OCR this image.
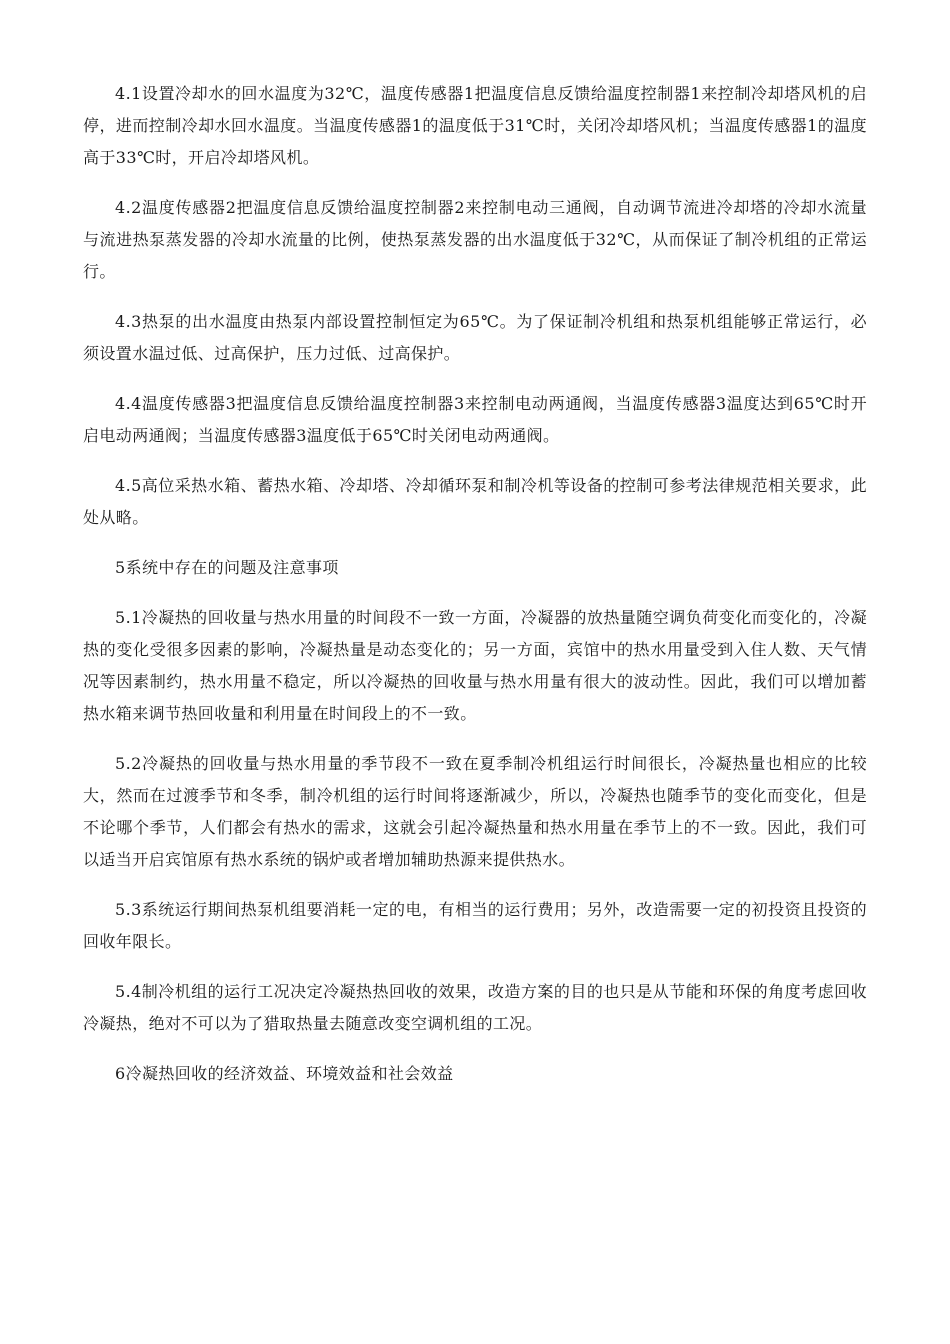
4.1设置冷却水的回水温度为32℃，温度传感器1把温度信息反馈给温度控制器1来控制冷却塔风机的启停，进而控制冷却水回水温度。当温度传感器1的温度低于31℃时，关闭冷却塔风机；当温度传感器1的温度高于33℃时，开启冷却塔风机。

4.2温度传感器2把温度信息反馈给温度控制器2来控制电动三通阀，自动调节流进冷却塔的冷却水流量与流进热泵蒸发器的冷却水流量的比例，使热泵蒸发器的出水温度低于32℃，从而保证了制冷机组的正常运行。

4.3热泵的出水温度由热泵内部设置控制恒定为65℃。为了保证制冷机组和热泵机组能够正常运行，必须设置水温过低、过高保护，压力过低、过高保护。

4.4温度传感器3把温度信息反馈给温度控制器3来控制电动两通阀，当温度传感器3温度达到65℃时开启电动两通阀；当温度传感器3温度低于65℃时关闭电动两通阀。

4.5高位采热水箱、蓄热水箱、冷却塔、冷却循环泵和制冷机等设备的控制可参考法律规范相关要求，此处从略。

5系统中存在的问题及注意事项

5.1冷凝热的回收量与热水用量的时间段不一致一方面，冷凝器的放热量随空调负荷变化而变化的，冷凝热的变化受很多因素的影响，冷凝热量是动态变化的；另一方面，宾馆中的热水用量受到入住人数、天气情况等因素制约，热水用量不稳定，所以冷凝热的回收量与热水用量有很大的波动性。因此，我们可以增加蓄热水箱来调节热回收量和利用量在时间段上的不一致。

5.2冷凝热的回收量与热水用量的季节段不一致在夏季制冷机组运行时间很长，冷凝热量也相应的比较大，然而在过渡季节和冬季，制冷机组的运行时间将逐渐减少，所以，冷凝热也随季节的变化而变化，但是不论哪个季节，人们都会有热水的需求，这就会引起冷凝热量和热水用量在季节上的不一致。因此，我们可以适当开启宾馆原有热水系统的锅炉或者增加辅助热源来提供热水。

5.3系统运行期间热泵机组要消耗一定的电，有相当的运行费用；另外，改造需要一定的初投资且投资的回收年限长。

5.4制冷机组的运行工况决定冷凝热热回收的效果，改造方案的目的也只是从节能和环保的角度考虑回收冷凝热，绝对不可以为了猎取热量去随意改变空调机组的工况。

6冷凝热回收的经济效益、环境效益和社会效益
